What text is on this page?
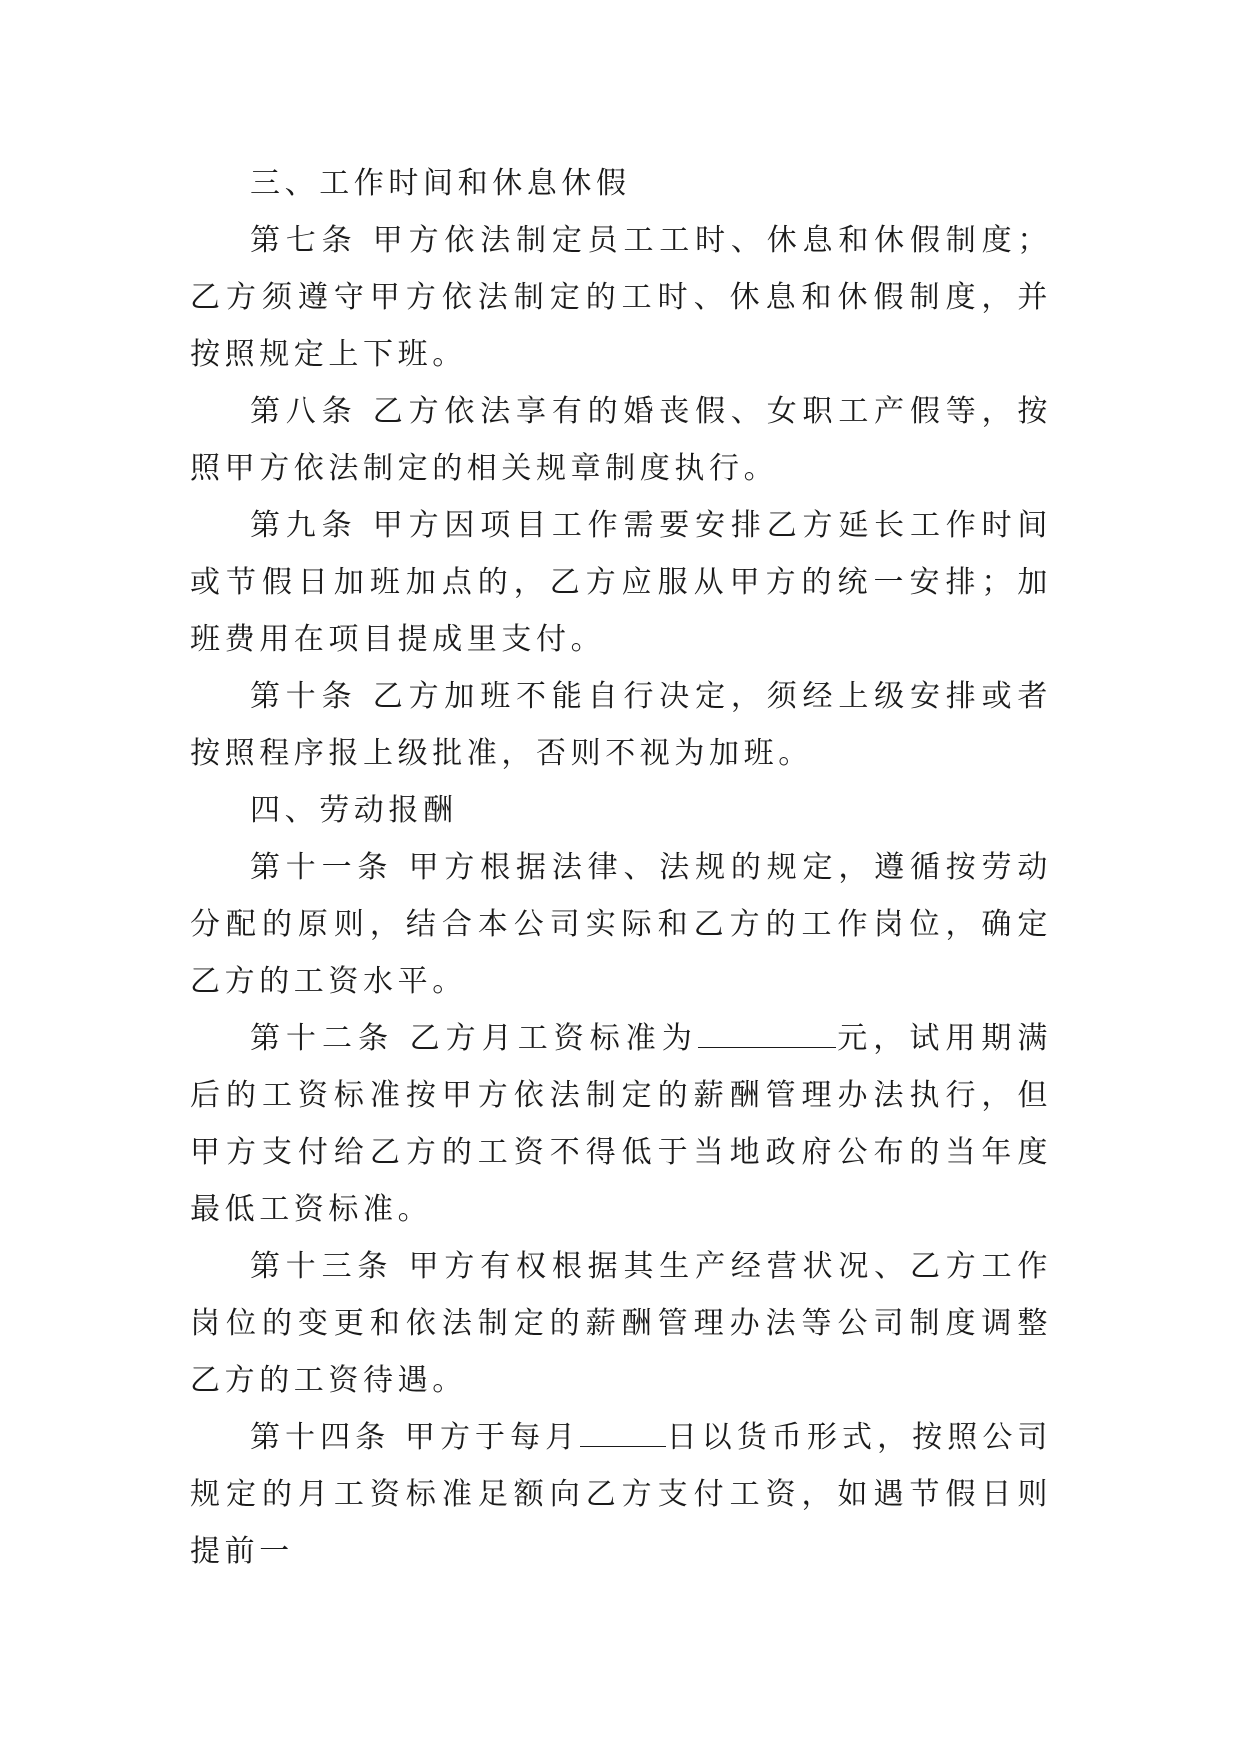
三、工作时间和休息休假

第七条 甲方依法制定员工工时、休息和休假制度；乙方须遵守甲方依法制定的工时、休息和休假制度，并按照规定上下班。

第八条 乙方依法享有的婚丧假、女职工产假等，按照甲方依法制定的相关规章制度执行。

第九条 甲方因项目工作需要安排乙方延长工作时间或节假日加班加点的，乙方应服从甲方的统一安排；加班费用在项目提成里支付。

第十条 乙方加班不能自行决定，须经上级安排或者按照程序报上级批准，否则不视为加班。

四、劳动报酬

第十一条 甲方根据法律、法规的规定，遵循按劳动分配的原则，结合本公司实际和乙方的工作岗位，确定乙方的工资水平。

第十二条 乙方月工资标准为	元，试用期满后的工资标准按甲方依法制定的薪酬管理办法执行，但甲方支付给乙方的工资不得低于当地政府公布的当年度最低工资标准。

第十三条 甲方有权根据其生产经营状况、乙方工作岗位的变更和依法制定的薪酬管理办法等公司制度调整乙方的工资待遇。

第十四条 甲方于每月	日以货币形式，按照公司规定的月工资标准足额向乙方支付工资，如遇节假日则提前一
